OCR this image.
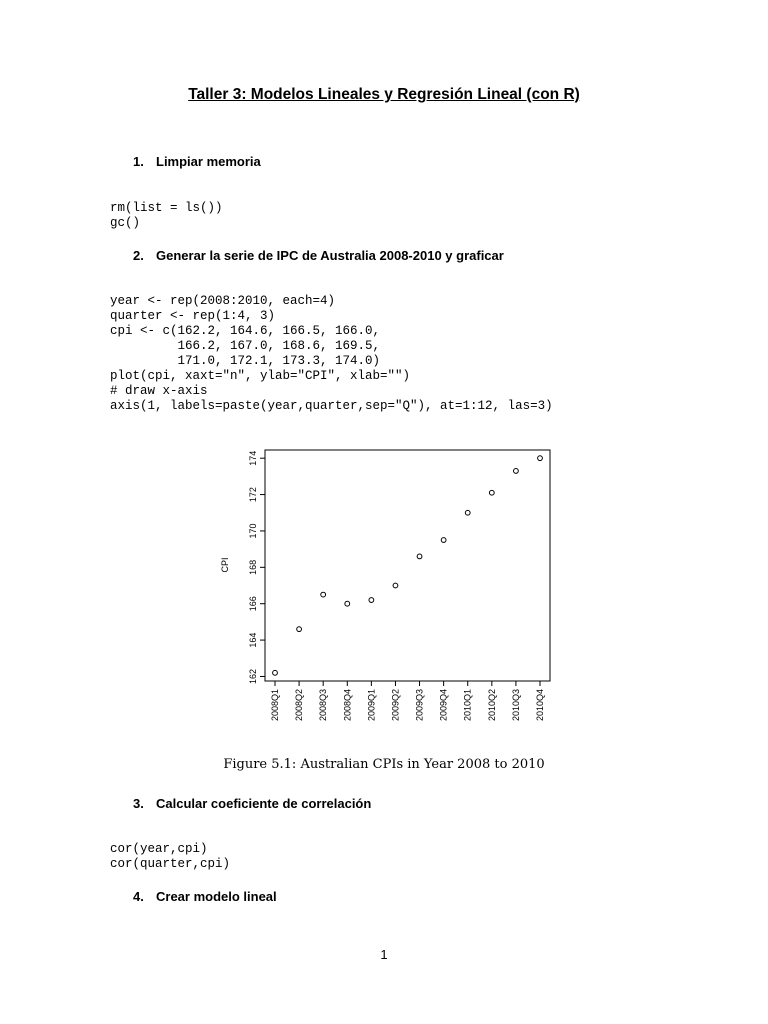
Taller 3: Modelos Lineales y Regresión Lineal (con R)

1. Limpiar memoria

rm(list = ls())
gc()

2. Generar la serie de IPC de Australia 2008-2010 y graficar

year <- rep(2008:2010, each=4)
quarter <- rep(1:4, 3)
cpi <- c(162.2, 164.6, 166.5, 166.0,
166.2, 167.0, 168.6, 169.5,
171.0, 172.1, 173.3, 174.0)
plot(cpi, xaxt="n", ylab="CPI", xlab="")
# draw x-axis
axis(1, labels=paste(year,quarter,sep="Q"), at=1:12, las=3)
162
164
166
168
170
172
174
2008Q1 2008Q2 2008Q3 2008Q4 2009Q1 2009Q2 2009Q3 2009Q4 2010Q1 2010Q2 2010Q3 2010Q4
CPI

Figure 5.1: Australian CPIs in Year 2008 to 2010

3. Calcular coeficiente de correlación

cor(year,cpi)
cor(quarter,cpi)

4. Crear modelo lineal

1
